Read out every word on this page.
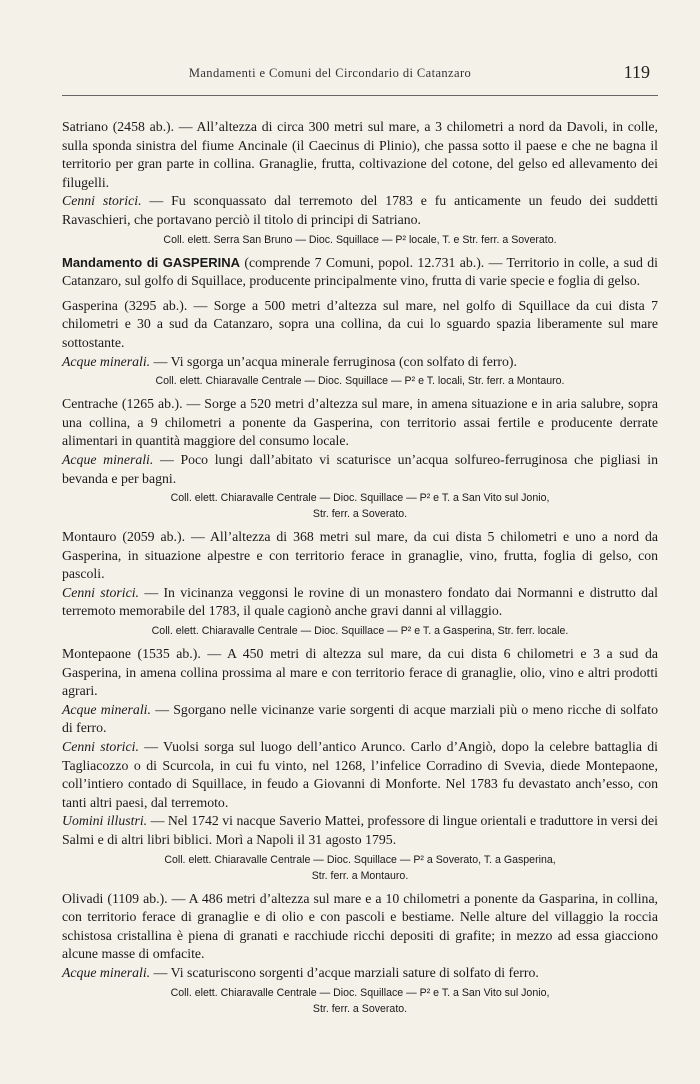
Mandamenti e Comuni del Circondario di Catanzaro	119

Satriano (2458 ab.). — All’altezza di circa 300 metri sul mare, a 3 chilometri a nord da Davoli, in colle, sulla sponda sinistra del fiume Ancinale (il Caecinus di Plinio), che passa sotto il paese e che ne bagna il territorio per gran parte in collina. Granaglie, frutta, coltivazione del cotone, del gelso ed allevamento dei filugelli.

Cenni storici. — Fu sconquassato dal terremoto del 1783 e fu anticamente un feudo dei suddetti Ravaschieri, che portavano perciò il titolo di principi di Satriano.

Coll. elett. Serra San Bruno — Dioc. Squillace — P² locale, T. e Str. ferr. a Soverato.

Mandamento di GASPERINA (comprende 7 Comuni, popol. 12.731 ab.). — Territorio in colle, a sud di Catanzaro, sul golfo di Squillace, producente principalmente vino, frutta di varie specie e foglia di gelso.

Gasperina (3295 ab.). — Sorge a 500 metri d’altezza sul mare, nel golfo di Squillace da cui dista 7 chilometri e 30 a sud da Catanzaro, sopra una collina, da cui lo sguardo spazia liberamente sul mare sottostante.

Acque minerali. — Vi sgorga un’acqua minerale ferruginosa (con solfato di ferro).

Coll. elett. Chiaravalle Centrale — Dioc. Squillace — P² e T. locali, Str. ferr. a Montauro.

Centrache (1265 ab.). — Sorge a 520 metri d’altezza sul mare, in amena situazione e in aria salubre, sopra una collina, a 9 chilometri a ponente da Gasperina, con territorio assai fertile e producente derrate alimentari in quantità maggiore del consumo locale.

Acque minerali. — Poco lungi dall’abitato vi scaturisce un’acqua solfureo-ferruginosa che pigliasi in bevanda e per bagni.

Coll. elett. Chiaravalle Centrale — Dioc. Squillace — P² e T. a San Vito sul Jonio,
Str. ferr. a Soverato.

Montauro (2059 ab.). — All’altezza di 368 metri sul mare, da cui dista 5 chilometri e uno a nord da Gasperina, in situazione alpestre e con territorio ferace in granaglie, vino, frutta, foglia di gelso, con pascoli.

Cenni storici. — In vicinanza veggonsi le rovine di un monastero fondato dai Normanni e distrutto dal terremoto memorabile del 1783, il quale cagionò anche gravi danni al villaggio.

Coll. elett. Chiaravalle Centrale — Dioc. Squillace — P² e T. a Gasperina, Str. ferr. locale.

Montepaone (1535 ab.). — A 450 metri di altezza sul mare, da cui dista 6 chilometri e 3 a sud da Gasperina, in amena collina prossima al mare e con territorio ferace di granaglie, olio, vino e altri prodotti agrari.

Acque minerali. — Sgorgano nelle vicinanze varie sorgenti di acque marziali più o meno ricche di solfato di ferro.

Cenni storici. — Vuolsi sorga sul luogo dell’antico Arunco. Carlo d’Angiò, dopo la celebre battaglia di Tagliacozzo o di Scurcola, in cui fu vinto, nel 1268, l’infelice Corradino di Svevia, diede Montepaone, coll’intiero contado di Squillace, in feudo a Giovanni di Monforte. Nel 1783 fu devastato anch’esso, con tanti altri paesi, dal terremoto.

Uomini illustri. — Nel 1742 vi nacque Saverio Mattei, professore di lingue orientali e traduttore in versi dei Salmi e di altri libri biblici. Morì a Napoli il 31 agosto 1795.

Coll. elett. Chiaravalle Centrale — Dioc. Squillace — P² a Soverato, T. a Gasperina,
Str. ferr. a Montauro.

Olivadi (1109 ab.). — A 486 metri d’altezza sul mare e a 10 chilometri a ponente da Gasparina, in collina, con territorio ferace di granaglie e di olio e con pascoli e bestiame. Nelle alture del villaggio la roccia schistosa cristallina è piena di granati e racchiude ricchi depositi di grafite; in mezzo ad essa giacciono alcune masse di omfacite.

Acque minerali. — Vi scaturiscono sorgenti d’acque marziali sature di solfato di ferro.

Coll. elett. Chiaravalle Centrale — Dioc. Squillace — P² e T. a San Vito sul Jonio,
Str. ferr. a Soverato.
